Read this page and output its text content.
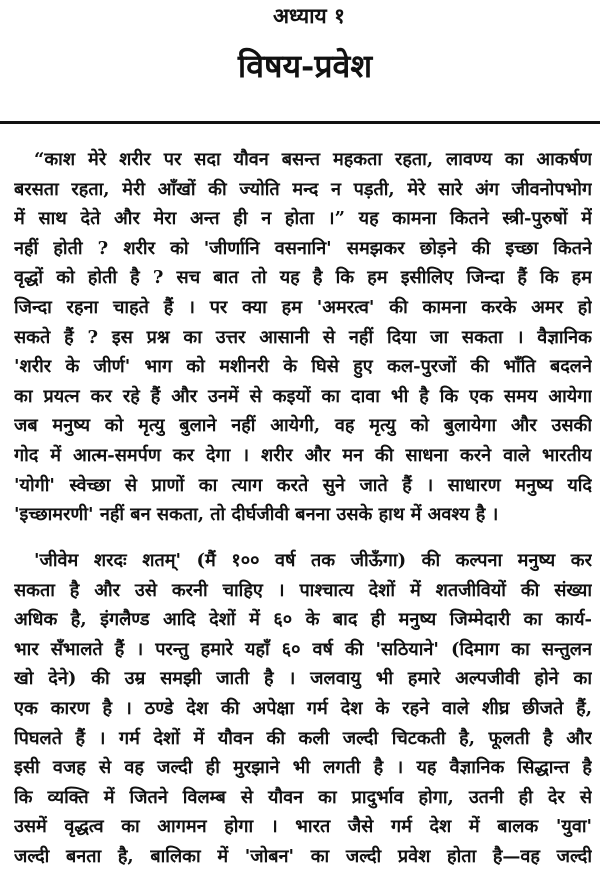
अध्याय १
विषय-प्रवेश
“काश मेरे शरीर पर सदा यौवन बसन्त महकता रहता, लावण्य का आकर्षण
बरसता रहता, मेरी आँखों की ज्योति मन्द न पड़ती, मेरे सारे अंग जीवनोपभोग
में साथ देते और मेरा अन्त ही न होता ।” यह कामना कितने स्त्री-पुरुषों में
नहीं होती ? शरीर को 'जीर्णानि वसनानि' समझकर छोड़ने की इच्छा कितने
वृद्धों को होती है ? सच बात तो यह है कि हम इसीलिए जिन्दा हैं कि हम
जिन्दा रहना चाहते हैं । पर क्या हम 'अमरत्व' की कामना करके अमर हो
सकते हैं ? इस प्रश्न का उत्तर आसानी से नहीं दिया जा सकता । वैज्ञानिक
'शरीर के जीर्ण' भाग को मशीनरी के घिसे हुए कल-पुरजों की भाँति बदलने
का प्रयत्न कर रहे हैं और उनमें से कइयों का दावा भी है कि एक समय आयेगा
जब मनुष्य को मृत्यु बुलाने नहीं आयेगी, वह मृत्यु को बुलायेगा और उसकी
गोद में आत्म-समर्पण कर देगा । शरीर और मन की साधना करने वाले भारतीय
'योगी' स्वेच्छा से प्राणों का त्याग करते सुने जाते हैं । साधारण मनुष्य यदि
'इच्छामरणी' नहीं बन सकता, तो दीर्घजीवी बनना उसके हाथ में अवश्य है ।
'जीवेम शरदः शतम्' (मैं १०० वर्ष तक जीऊँगा) की कल्पना मनुष्य कर
सकता है और उसे करनी चाहिए । पाश्चात्य देशों में शतजीवियों की संख्या
अधिक है, इंगलैण्ड आदि देशों में ६० के बाद ही मनुष्य जिम्मेदारी का कार्य-
भार सँभालते हैं । परन्तु हमारे यहाँ ६० वर्ष की 'सठियाने' (दिमाग का सन्तुलन
खो देने) की उम्र समझी जाती है । जलवायु भी हमारे अल्पजीवी होने का
एक कारण है । ठण्डे देश की अपेक्षा गर्म देश के रहने वाले शीघ्र छीजते हैं,
पिघलते हैं । गर्म देशों में यौवन की कली जल्दी चिटकती है, फूलती है और
इसी वजह से वह जल्दी ही मुरझाने भी लगती है । यह वैज्ञानिक सिद्धान्त है
कि व्यक्ति में जितने विलम्ब से यौवन का प्रादुर्भाव होगा, उतनी ही देर से
उसमें वृद्धत्व का आगमन होगा । भारत जैसे गर्म देश में बालक 'युवा'
जल्दी बनता है, बालिका में 'जोबन' का जल्दी प्रवेश होता है—वह जल्दी
